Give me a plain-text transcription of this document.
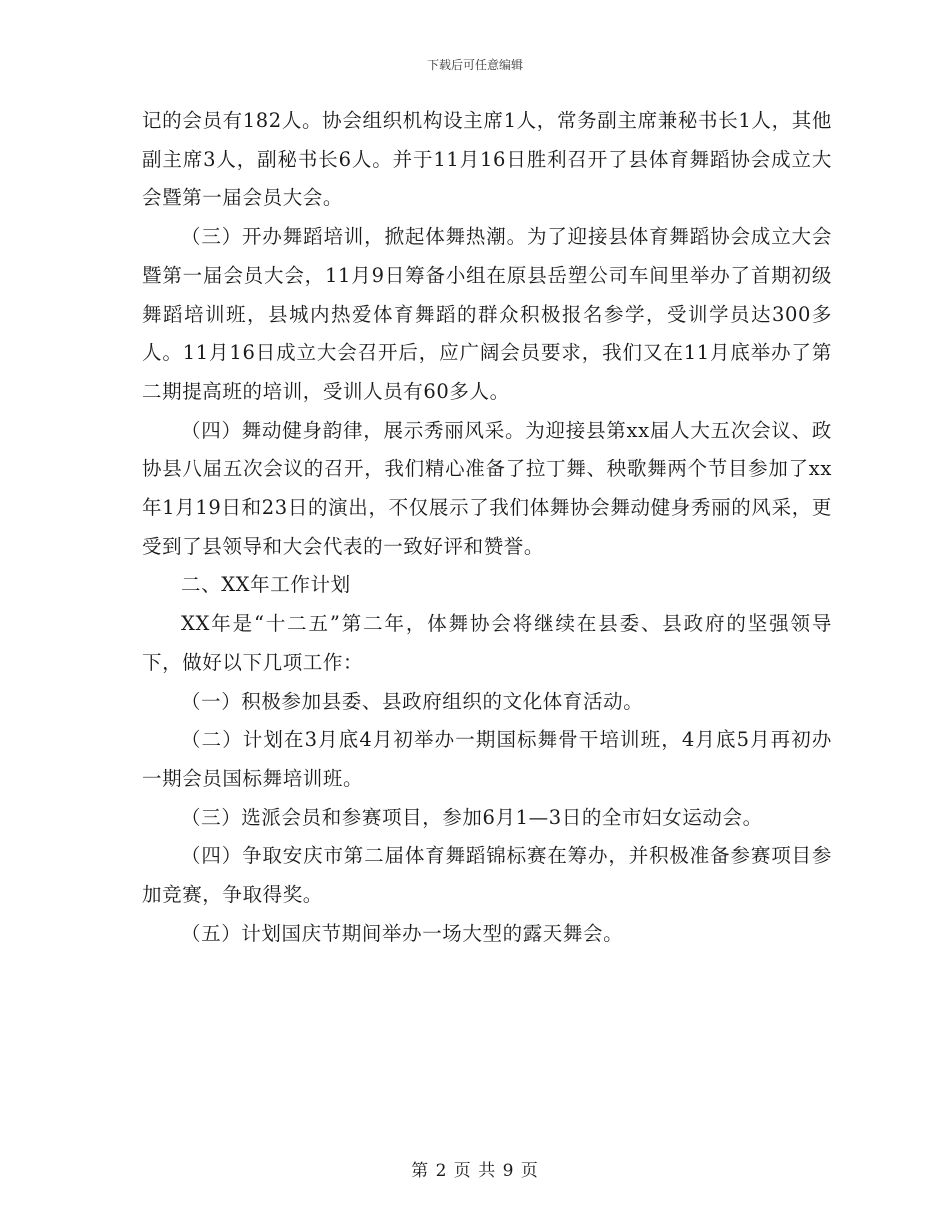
下载后可任意编辑

记的会员有182人。协会组织机构设主席1人，常务副主席兼秘书长1人，其他副主席3人，副秘书长6人。并于11月16日胜利召开了县体育舞蹈协会成立大会暨第一届会员大会。

（三）开办舞蹈培训，掀起体舞热潮。为了迎接县体育舞蹈协会成立大会暨第一届会员大会，11月9日筹备小组在原县岳塑公司车间里举办了首期初级舞蹈培训班，县城内热爱体育舞蹈的群众积极报名参学，受训学员达300多人。11月16日成立大会召开后，应广阔会员要求，我们又在11月底举办了第二期提高班的培训，受训人员有60多人。

（四）舞动健身韵律，展示秀丽风采。为迎接县第xx届人大五次会议、政协县八届五次会议的召开，我们精心准备了拉丁舞、秧歌舞两个节目参加了xx年1月19日和23日的演出，不仅展示了我们体舞协会舞动健身秀丽的风采，更受到了县领导和大会代表的一致好评和赞誉。

二、XX年工作计划

XX年是“十二五”第二年，体舞协会将继续在县委、县政府的坚强领导下，做好以下几项工作：

（一）积极参加县委、县政府组织的文化体育活动。

（二）计划在3月底4月初举办一期国标舞骨干培训班，4月底5月再初办一期会员国标舞培训班。

（三）选派会员和参赛项目，参加6月1—3日的全市妇女运动会。

（四）争取安庆市第二届体育舞蹈锦标赛在筹办，并积极准备参赛项目参加竞赛，争取得奖。

（五）计划国庆节期间举办一场大型的露天舞会。

第 2 页 共 9 页
